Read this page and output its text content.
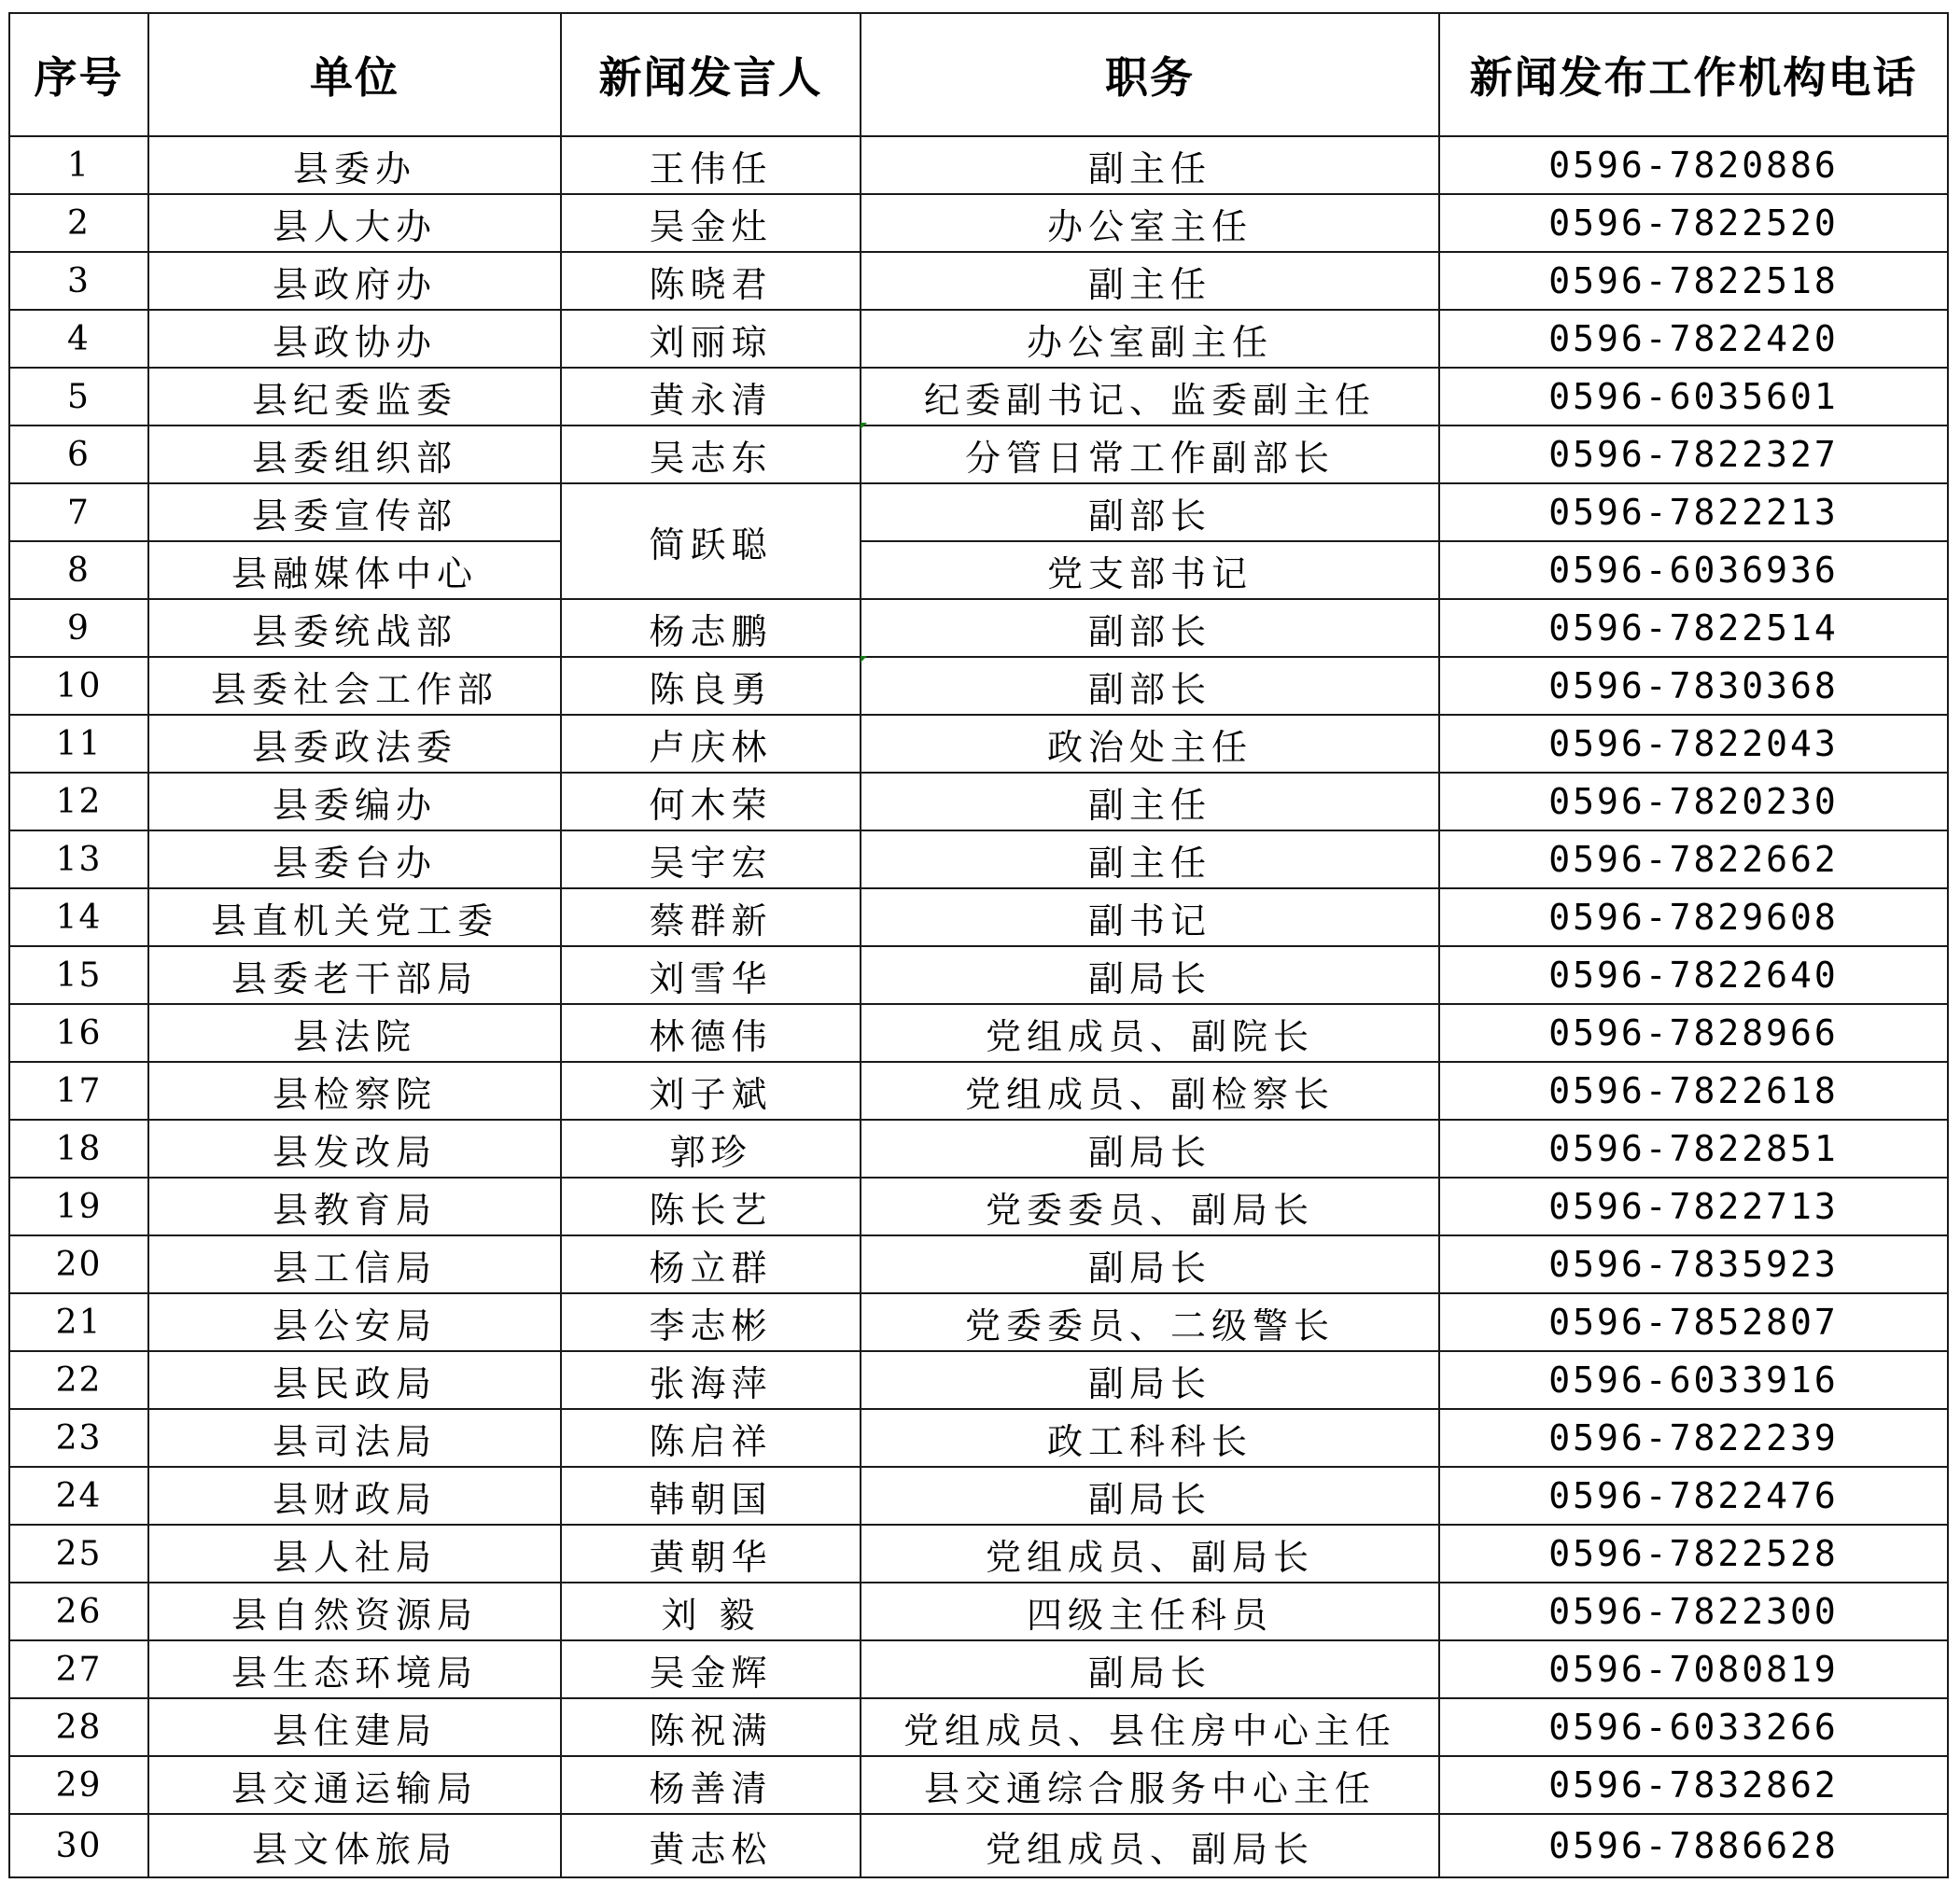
序号	单位	新闻发言人	职务	新闻发布工作机构电话
1	县委办	王伟任	副主任	0596-7820886
2	县人大办	吴金灶	办公室主任	0596-7822520
3	县政府办	陈晓君	副主任	0596-7822518
4	县政协办	刘丽琼	办公室副主任	0596-7822420
5	县纪委监委	黄永清	纪委副书记、监委副主任	0596-6035601
6	县委组织部	吴志东	分管日常工作副部长	0596-7822327
7	县委宣传部	简跃聪	副部长	0596-7822213
8	县融媒体中心		党支部书记	0596-6036936
9	县委统战部	杨志鹏	副部长	0596-7822514
10	县委社会工作部	陈良勇	副部长	0596-7830368
11	县委政法委	卢庆林	政治处主任	0596-7822043
12	县委编办	何木荣	副主任	0596-7820230
13	县委台办	吴宇宏	副主任	0596-7822662
14	县直机关党工委	蔡群新	副书记	0596-7829608
15	县委老干部局	刘雪华	副局长	0596-7822640
16	县法院	林德伟	党组成员、副院长	0596-7828966
17	县检察院	刘子斌	党组成员、副检察长	0596-7822618
18	县发改局	郭珍	副局长	0596-7822851
19	县教育局	陈长艺	党委委员、副局长	0596-7822713
20	县工信局	杨立群	副局长	0596-7835923
21	县公安局	李志彬	党委委员、二级警长	0596-7852807
22	县民政局	张海萍	副局长	0596-6033916
23	县司法局	陈启祥	政工科科长	0596-7822239
24	县财政局	韩朝国	副局长	0596-7822476
25	县人社局	黄朝华	党组成员、副局长	0596-7822528
26	县自然资源局	刘 毅	四级主任科员	0596-7822300
27	县生态环境局	吴金辉	副局长	0596-7080819
28	县住建局	陈祝满	党组成员、县住房中心主任	0596-6033266
29	县交通运输局	杨善清	县交通综合服务中心主任	0596-7832862
30	县文体旅局	黄志松	党组成员、副局长	0596-7886628
